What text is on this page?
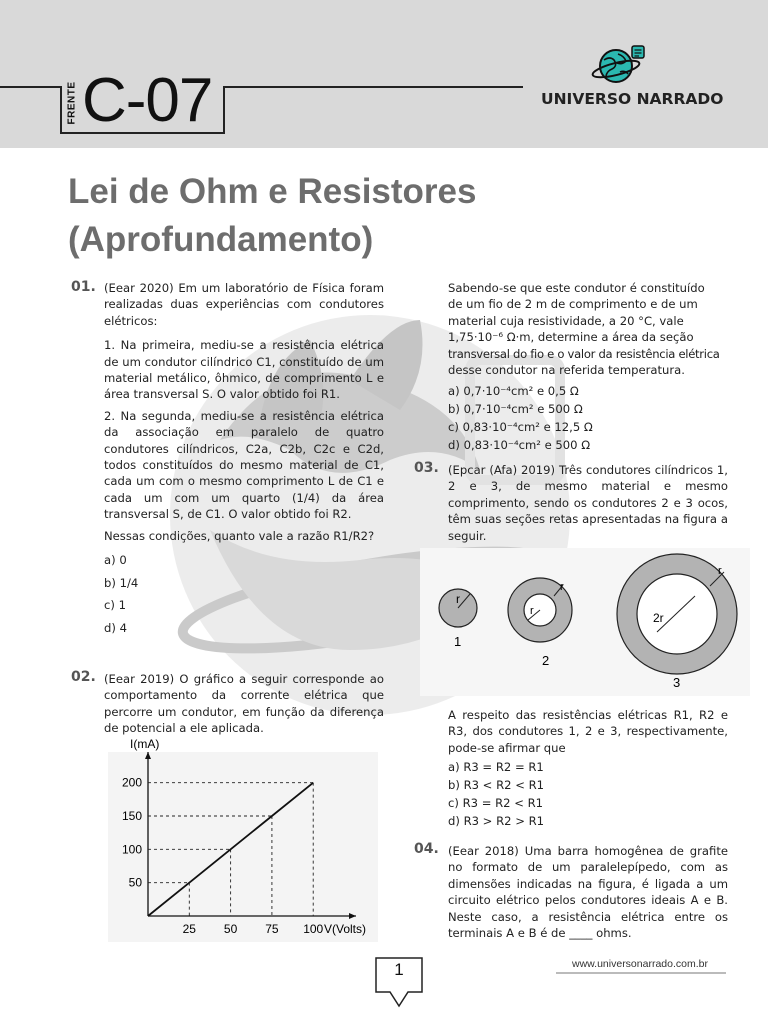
FRENTE C-07	UNIVERSO NARRADO
Lei de Ohm e Resistores
(Aprofundamento)
01. (Eear 2020) Em um laboratório de Física foram realizadas duas experiências com condutores elétricos:
1. Na primeira, mediu-se a resistência elétrica de um condutor cilíndrico C1, constituído de um material metálico, ôhmico, de comprimento L e área transversal S. O valor obtido foi R1.
2. Na segunda, mediu-se a resistência elétrica da associação em paralelo de quatro condutores cilíndricos, C2a, C2b, C2c e C2d, todos constituídos do mesmo material de C1, cada um com o mesmo comprimento L de C1 e cada um com um quarto (1/4) da área transversal S, de C1. O valor obtido foi R2.
Nessas condições, quanto vale a razão R1/R2?
a) 0
b) 1/4
c) 1
d) 4
02. (Eear 2019) O gráfico a seguir corresponde ao comportamento da corrente elétrica que percorre um condutor, em função da diferença de potencial a ele aplicada.
V(Volts)
I(mA)
25 50 75 100
50
100
150
200
Sabendo-se que este condutor é constituído
de um fio de 2 m de comprimento e de um
material cuja resistividade, a 20 °C, vale
1,75·10⁻⁶ Ω·m, determine a área da seção
transversal do fio e o valor da resistência elétrica
desse condutor na referida temperatura.
a) 0,7·10⁻⁴cm² e 0,5 Ω
b) 0,7·10⁻⁴cm² e 500 Ω
c) 0,83·10⁻⁴cm² e 12,5 Ω
d) 0,83·10⁻⁴cm² e 500 Ω
03. (Epcar (Afa) 2019) Três condutores cilíndricos 1, 2 e 3, de mesmo material e mesmo comprimento, sendo os condutores 2 e 3 ocos, têm suas seções retas apresentadas na figura a seguir.
r
1
r
r
2
r
2r
3
A respeito das resistências elétricas R1, R2 e R3, dos condutores 1, 2 e 3, respectivamente, pode-se afirmar que
a) R3 = R2 = R1
b) R3 < R2 < R1
c) R3 = R2 < R1
d) R3 > R2 > R1
04. (Eear 2018) Uma barra homogênea de grafite no formato de um paralelepípedo, com as dimensões indicadas na figura, é ligada a um circuito elétrico pelos condutores ideais A e B. Neste caso, a resistência elétrica entre os terminais A e B é de ____ ohms.
www.universonarrado.com.br
1
